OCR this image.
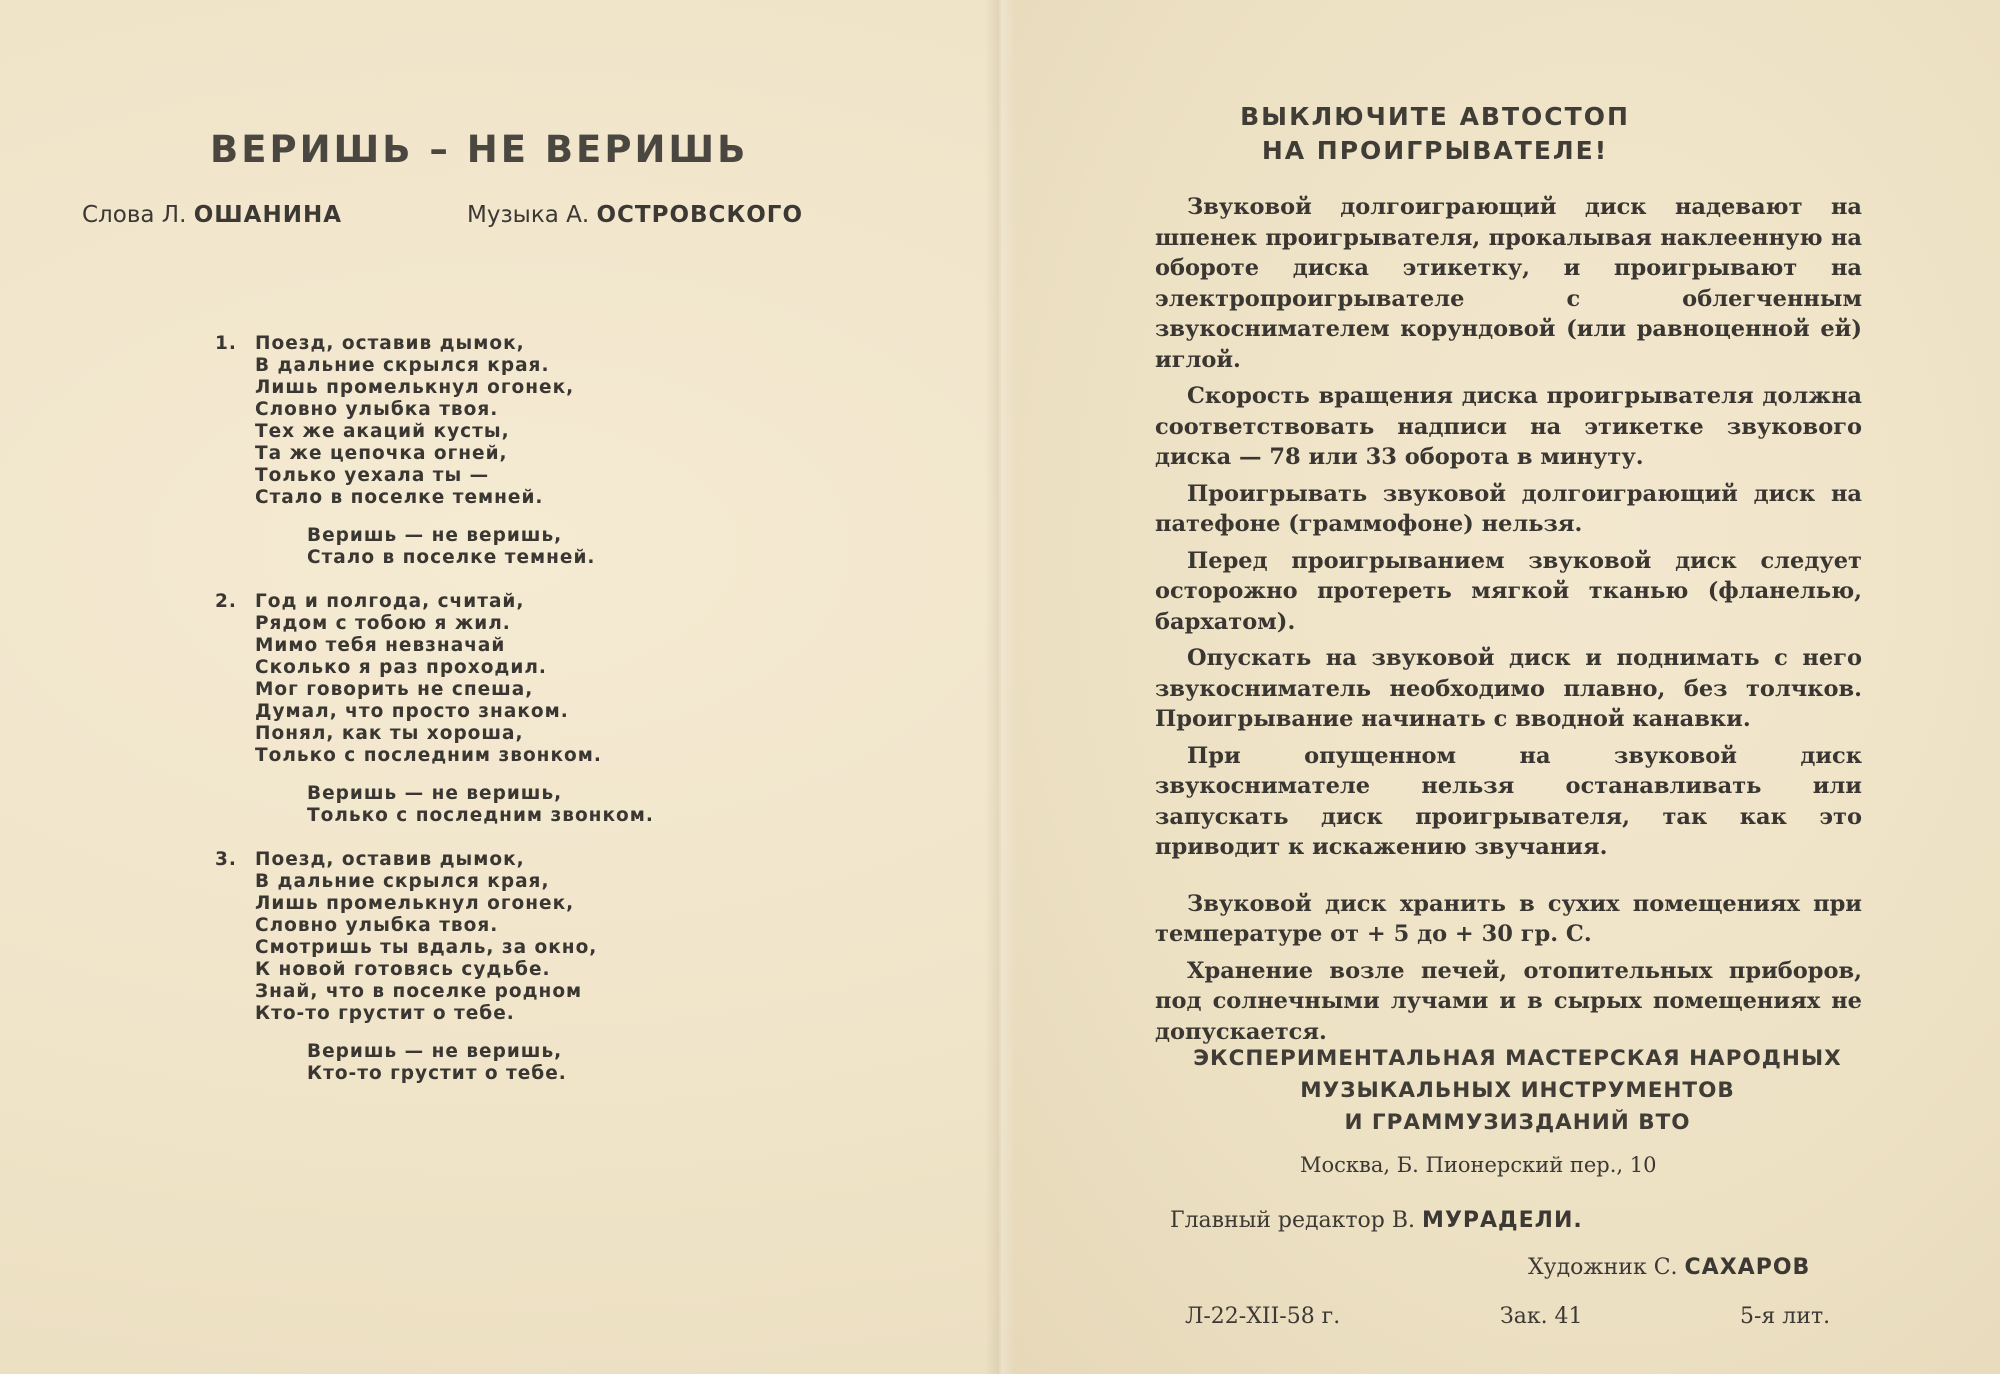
ВЕРИШЬ – НЕ ВЕРИШЬ
Слова Л. ОШАНИНА	Музыка А. ОСТРОВСКОГО
1. Поезд, оставив дымок,
В дальние скрылся края.
Лишь промелькнул огонек,
Словно улыбка твоя.
Тех же акаций кусты,
Та же цепочка огней,
Только уехала ты —
Стало в поселке темней.
Веришь — не веришь,
Стало в поселке темней.
2. Год и полгода, считай,
Рядом с тобою я жил.
Мимо тебя невзначай
Сколько я раз проходил.
Мог говорить не спеша,
Думал, что просто знаком.
Понял, как ты хороша,
Только с последним звонком.
Веришь — не веришь,
Только с последним звонком.
3. Поезд, оставив дымок,
В дальние скрылся края,
Лишь промелькнул огонек,
Словно улыбка твоя.
Смотришь ты вдаль, за окно,
К новой готовясь судьбе.
Знай, что в поселке родном
Кто-то грустит о тебе.
Веришь — не веришь,
Кто-то грустит о тебе.
ВЫКЛЮЧИТЕ АВТОСТОП
НА ПРОИГРЫВАТЕЛЕ!

Звуковой долгоиграющий диск надевают на шпенек проигрывателя, прокалывая наклеенную на обороте диска этикетку, и проигрывают на электропроигрывателе с облегченным звукоснимателем корундовой (или равноценной ей) иглой.

Скорость вращения диска проигрывателя должна соответствовать надписи на этикетке звукового диска — 78 или 33 оборота в минуту.

Проигрывать звуковой долгоиграющий диск на патефоне (граммофоне) нельзя.

Перед проигрыванием звуковой диск следует осторожно протереть мягкой тканью (фланелью, бархатом).

Опускать на звуковой диск и поднимать с него звукосниматель необходимо плавно, без толчков. Проигрывание начинать с вводной канавки.

При опущенном на звуковой диск звукоснимателе нельзя останавливать или запускать диск проигрывателя, так как это приводит к искажению звучания.

Звуковой диск хранить в сухих помещениях при температуре от + 5 до + 30 гр. С.

Хранение возле печей, отопительных приборов, под солнечными лучами и в сырых помещениях не допускается.

ЭКСПЕРИМЕНТАЛЬНАЯ МАСТЕРСКАЯ НАРОДНЫХ
МУЗЫКАЛЬНЫХ ИНСТРУМЕНТОВ
И ГРАММУЗИЗДАНИЙ ВТО
Москва, Б. Пионерский пер., 10
Главный редактор В. МУРАДЕЛИ.
Художник С. САХАРОВ
Л-22-XII-58 г.	Зак. 41	5-я лит.
